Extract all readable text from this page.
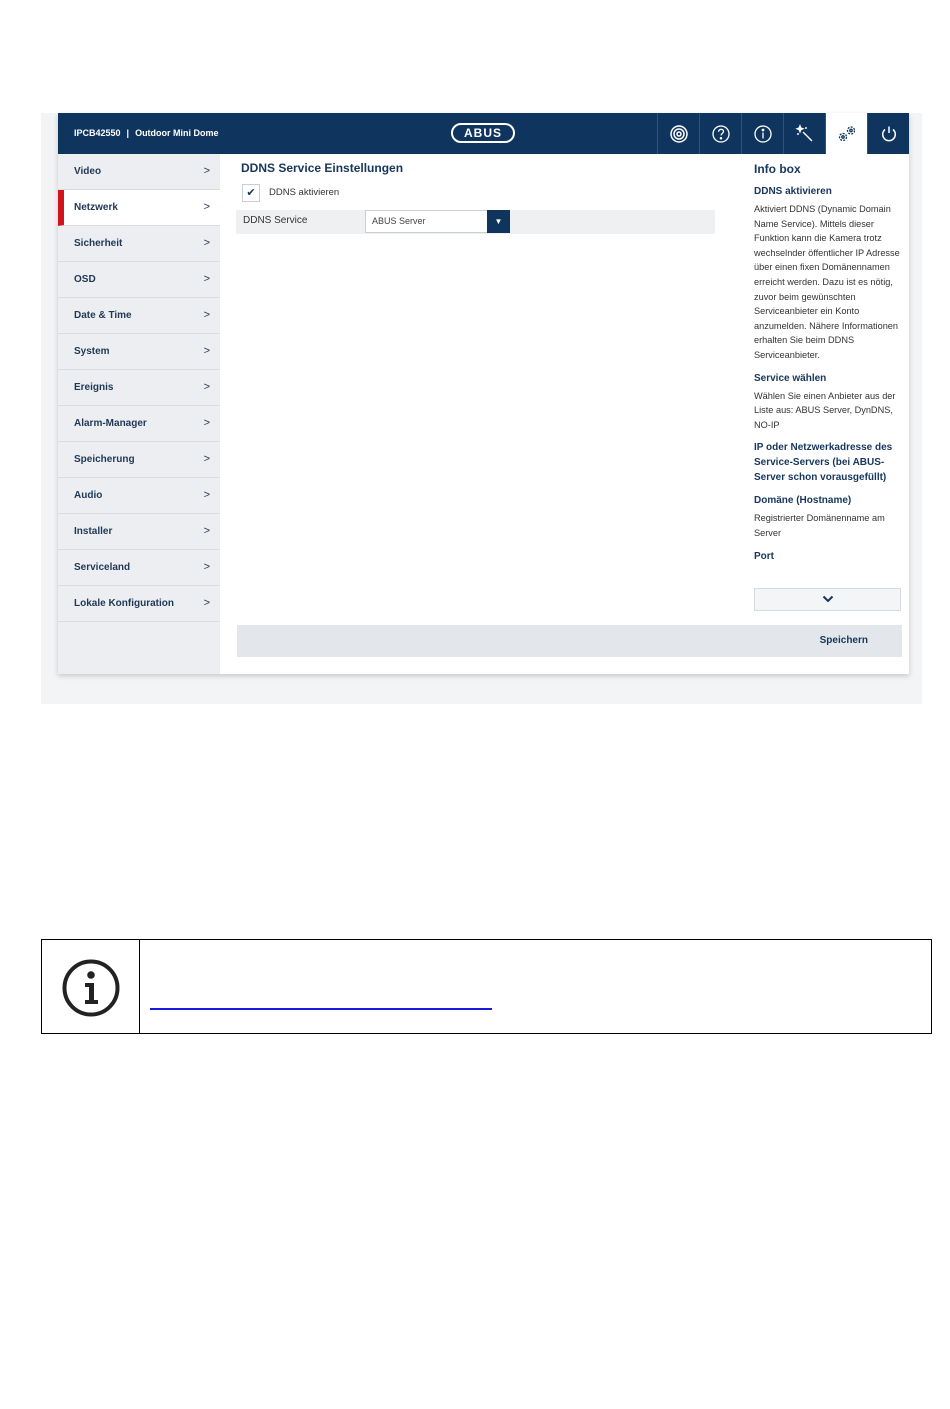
IPCB42550 | Outdoor Mini Dome	ABUS
Video	>
Netzwerk	>
Sicherheit	>
OSD	>
Date & Time	>
System	>
Ereignis	>
Alarm-Manager	>
Speicherung	>
Audio	>
Installer	>
Serviceland	>
Lokale Konfiguration	>
DDNS Service Einstellungen
✔	DDNS aktivieren
DDNS Service	ABUS Server	▼
Info box
DDNS aktivieren
Aktiviert DDNS (Dynamic Domain Name Service). Mittels dieser Funktion kann die Kamera trotz wechselnder öffentlicher IP Adresse über einen fixen Domänennamen erreicht werden. Dazu ist es nötig, zuvor beim gewünschten Serviceanbieter ein Konto anzumelden. Nähere Informationen erhalten Sie beim DDNS Serviceanbieter.
Service wählen
Wählen Sie einen Anbieter aus der Liste aus: ABUS Server, DynDNS, NO-IP
IP oder Netzwerkadresse des Service-Servers (bei ABUS-Server schon vorausgefüllt)
Domäne (Hostname)
Registrierter Domänenname am Server
Port
Speichern
